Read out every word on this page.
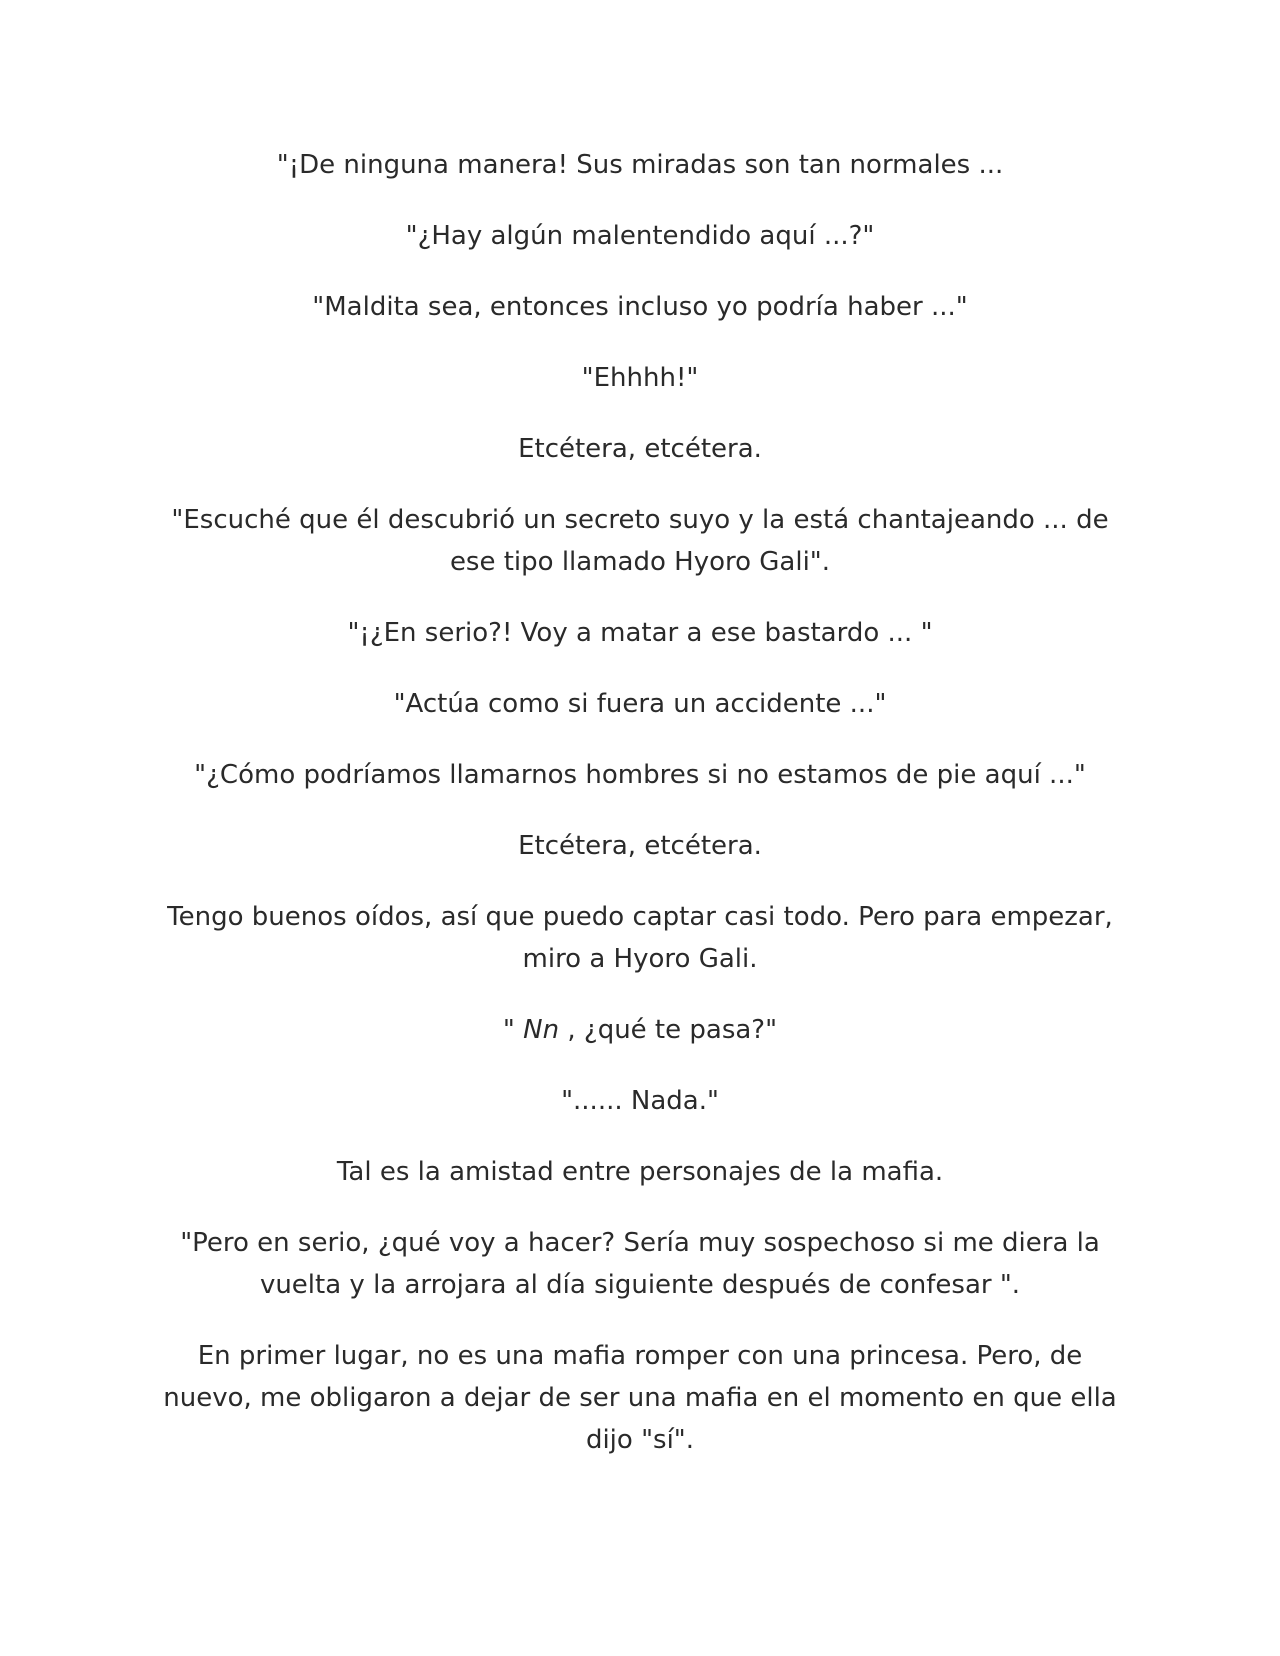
"¡De ninguna manera! Sus miradas son tan normales ...

"¿Hay algún malentendido aquí ...?"

"Maldita sea, entonces incluso yo podría haber ..."

"Ehhhh!"

Etcétera, etcétera.

"Escuché que él descubrió un secreto suyo y la está chantajeando ... de ese tipo llamado Hyoro Gali".

"¡¿En serio?! Voy a matar a ese bastardo ... "

"Actúa como si fuera un accidente ..."

"¿Cómo podríamos llamarnos hombres si no estamos de pie aquí ..."

Etcétera, etcétera.

Tengo buenos oídos, así que puedo captar casi todo. Pero para empezar, miro a Hyoro Gali.

" Nn , ¿qué te pasa?"

"...... Nada."

Tal es la amistad entre personajes de la mafia.

"Pero en serio, ¿qué voy a hacer? Sería muy sospechoso si me diera la vuelta y la arrojara al día siguiente después de confesar ".

En primer lugar, no es una mafia romper con una princesa. Pero, de nuevo, me obligaron a dejar de ser una mafia en el momento en que ella dijo "sí".
